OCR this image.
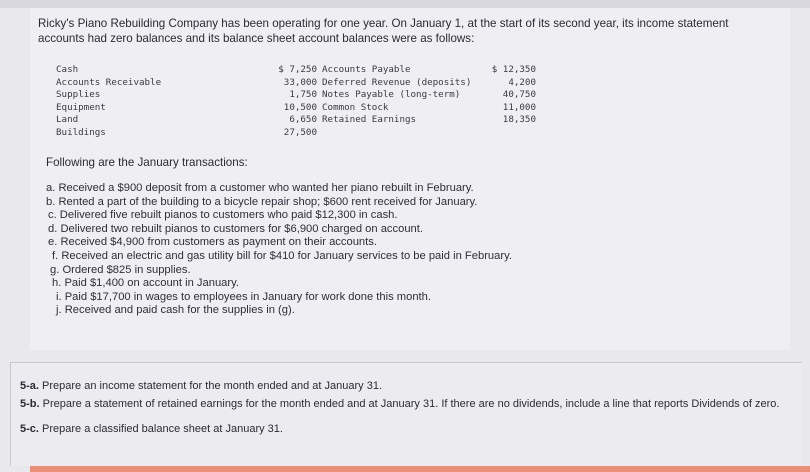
Ricky's Piano Rebuilding Company has been operating for one year. On January 1, at the start of its second year, its income statement accounts had zero balances and its balance sheet account balances were as follows:

Cash	$ 7,250 Accounts Payable	$ 12,350
Accounts Receivable	33,000 Deferred Revenue (deposits)	4,200
Supplies	1,750 Notes Payable (long-term)	40,750
Equipment	10,500 Common Stock	11,000
Land	6,650 Retained Earnings	18,350
Buildings	27,500

Following are the January transactions:

a. Received a $900 deposit from a customer who wanted her piano rebuilt in February.
b. Rented a part of the building to a bicycle repair shop; $600 rent received for January.
c. Delivered five rebuilt pianos to customers who paid $12,300 in cash.
d. Delivered two rebuilt pianos to customers for $6,900 charged on account.
e. Received $4,900 from customers as payment on their accounts.
f. Received an electric and gas utility bill for $410 for January services to be paid in February.
g. Ordered $825 in supplies.
h. Paid $1,400 on account in January.
i. Paid $17,700 in wages to employees in January for work done this month.
j. Received and paid cash for the supplies in (g).

5-a. Prepare an income statement for the month ended and at January 31.

5-b. Prepare a statement of retained earnings for the month ended and at January 31. If there are no dividends, include a line that reports Dividends of zero.

5-c. Prepare a classified balance sheet at January 31.
